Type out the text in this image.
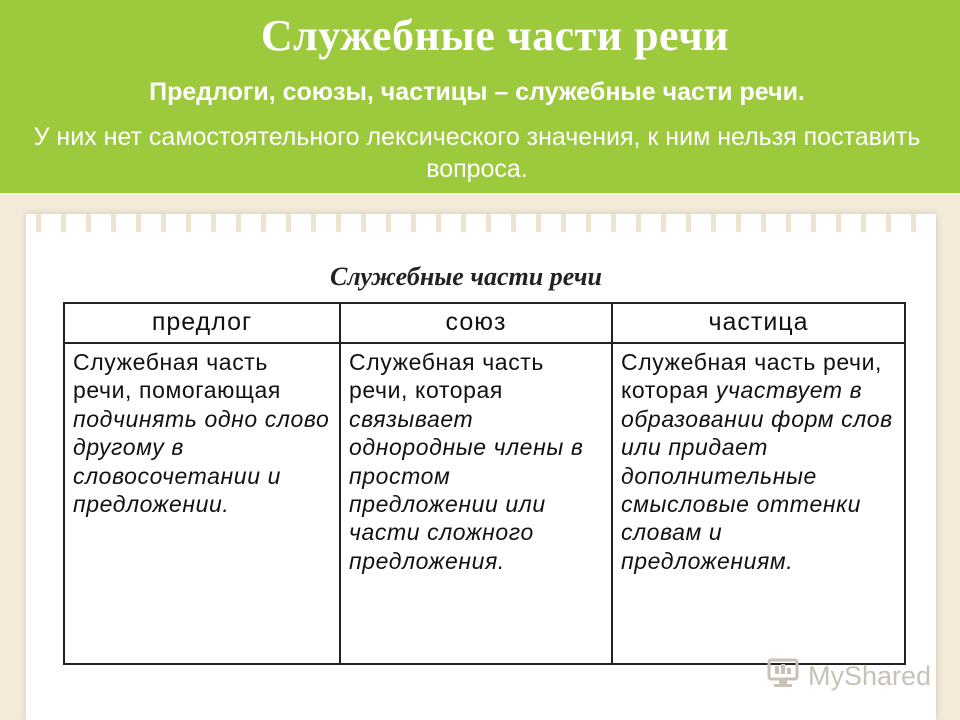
Служебные части речи
Предлоги, союзы, частицы – служебные части речи.
У них нет самостоятельного лексического значения, к ним нельзя поставить вопроса.
Служебные части речи
предлог	союз	частица
Служебная часть речи, помогающая подчинять одно слово другому в словосочетании и предложении.	Служебная часть речи, которая связывает однородные члены в простом предложении или части сложного предложения.	Служебная часть речи, которая участвует в образовании форм слов или придает дополнительные смысловые оттенки словам и предложениям.
MyShared
